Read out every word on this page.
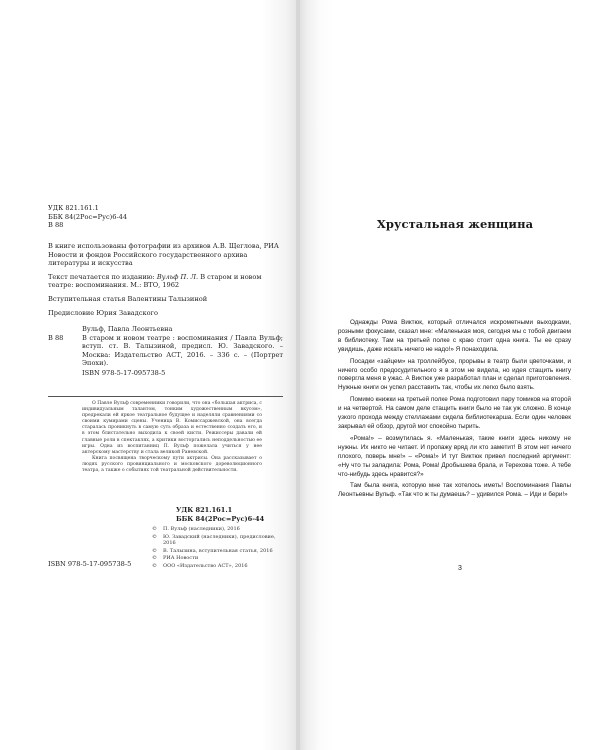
УДК 821.161.1
ББК 84(2Рос=Рус)6-44
В 88

В книге использованы фотографии из архивов А.В. Щеглова, РИА Новости и фондов Российского государственного архива литературы и искусства

Текст печатается по изданию: Вульф П. Л. В старом и новом театре: воспоминания. М.: ВТО, 1962

Вступительная статья Валентины Талызиной

Предисловие Юрия Завадского

Вульф, Павла Леонтьевна
В 88	В старом и новом театре : воспоминания / Павла Вульф; вступ. ст. В. Талызиной, предисл. Ю. Завадского. – Москва: Издательство АСТ, 2016. – 336 с. – (Портрет Эпохи).
ISBN 978-5-17-095738-5

О Павле Вульф современники говорили, что она «большая актриса, с индивидуальным талантом, тонким художественным вкусом», предрекали ей яркое театральное будущее и наделяли сравнениями со своими кумирами сцены. Ученица В. Комиссаржевской, она всегда старалась проникнуть в самую суть образа и естественно создать его, и в этом блистательно выходила к своей кисти. Режиссеры давали ей главные роли в спектаклях, а критики восторгались неподдельностью ее игры. Одна из воспитанниц П. Вульф пожелала учиться у нее актерскому мастерству и стала великой Раневской.

Книга посвящена творческому пути актрисы. Она рассказывает о людях русского провинциального и московского дореволюционного театра, а также о событиях той театральной действительности.

УДК 821.161.1
ББК 84(2Рос=Рус)6-44
©	П. Вульф (наследники), 2016
©	Ю. Завадский (наследники), предисловие, 2016
©	В. Талызина, вступительная статья, 2016
©	РИА Новости
©	ООО «Издательство АСТ», 2016
ISBN 978-5-17-095738-5
Хрустальная женщина

Однажды Рома Виктюк, который отличался искрометными выходками, розными фокусами, сказал мне: «Маленькая моя, сегодня мы с тобой двигаем в библиотеку. Там на третьей полке с краю стоит одна книга. Ты ее сразу увидишь, даже искать ничего не надо!» Я понаходила.

Посадки «зайцем» на троллейбусе, прорывы в театр были цветочками, и ничего особо предосудительного я в этом не видела, но идея стащить книгу повергла меня в ужас. А Виктюк уже разработал план и сделал приготовления. Нужные книги он успел расставить так, чтобы их легко было взять.

Помимо книжки на третьей полке Рома подготовил пару томиков на второй и на четвертой. На самом деле стащить книги было не так уж сложно. В конце узкого прохода между стеллажами сидела библиотекарша. Если один человек закрывал ей обзор, другой мог спокойно тырить.

«Рома!» – возмутилась я. «Маленькая, такие книги здесь никому не нужны. Их никто не читает. И пропажу вряд ли кто заметит! В этом нет ничего плохого, поверь мне!» – «Рома!» И тут Виктюк привел последний аргумент: «Ну что ты заладила: Рома, Рома! Дробышева брала, и Терехова тоже. А тебе что-нибудь здесь нравится?»

Там была книга, которую мне так хотелось иметь! Воспоминания Павлы Леонтьевны Вульф. «Так что ж ты думаешь? – удивился Рома. – Иди и бери!»

3
